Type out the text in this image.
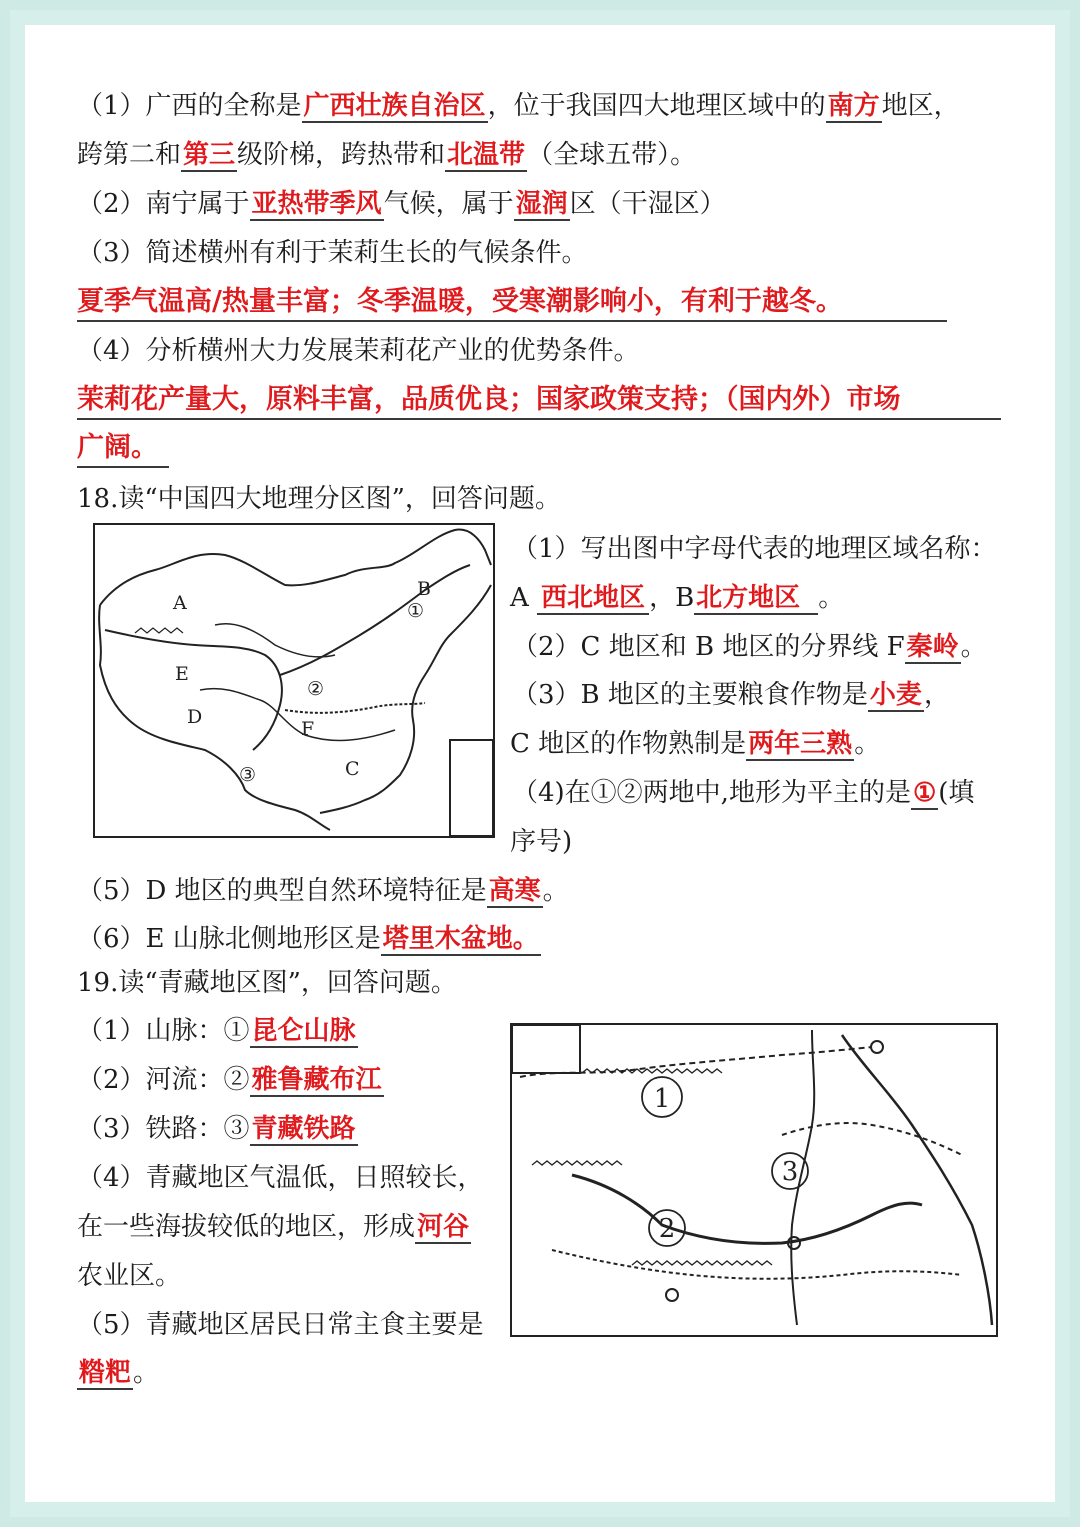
（1）广西的全称是广西壮族自治区，位于我国四大地理区域中的南方地区，
跨第二和第三级阶梯，跨热带和北温带（全球五带）。
（2）南宁属于亚热带季风气候，属于湿润区（干湿区）
（3）简述横州有利于茉莉生长的气候条件。
夏季气温高/热量丰富；冬季温暖，受寒潮影响小，有利于越冬。
（4）分析横州大力发展茉莉花产业的优势条件。
茉莉花产量大，原料丰富，品质优良；国家政策支持；（国内外）市场
广阔。
18.读“中国四大地理分区图”，回答问题。
A
B
①
E
②
D
F
C
③
（1）写出图中字母代表的地理区域名称：
A 西北地区 ，B北方地区 。
（2）C 地区和 B 地区的分界线 F秦岭。
（3）B 地区的主要粮食作物是小麦，
C 地区的作物熟制是两年三熟。
（4)在①②两地中,地形为平主的是①(填
序号)
（5）D 地区的典型自然环境特征是高寒。
（6）E 山脉北侧地形区是塔里木盆地。
19.读“青藏地区图”，回答问题。
（1）山脉：①昆仑山脉
（2）河流：②雅鲁藏布江
（3）铁路：③青藏铁路
（4）青藏地区气温低，日照较长，
在一些海拔较低的地区，形成河谷
农业区。
（5）青藏地区居民日常主食主要是
糌粑。
1
3
2
